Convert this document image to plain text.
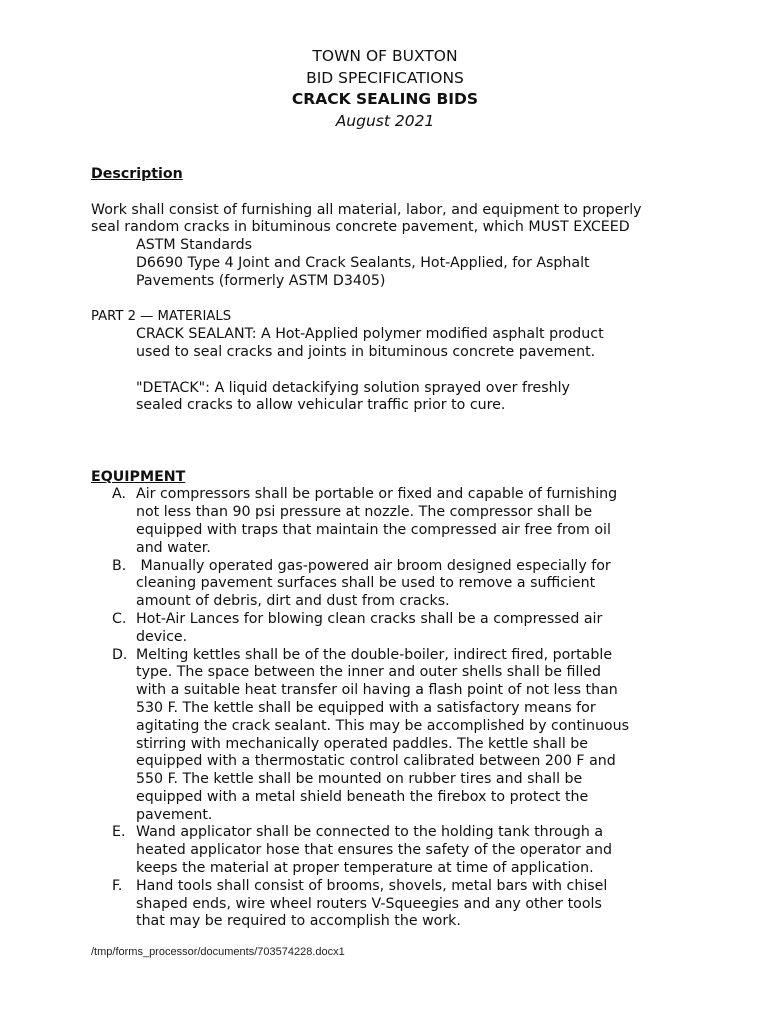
TOWN OF BUXTON
BID SPECIFICATIONS
CRACK SEALING BIDS
August 2021
Description
Work shall consist of furnishing all material, labor, and equipment to properly
seal random cracks in bituminous concrete pavement, which MUST EXCEED
ASTM Standards
D6690 Type 4 Joint and Crack Sealants, Hot-Applied, for Asphalt
Pavements (formerly ASTM D3405)
PART 2 — MATERIALS
CRACK SEALANT: A Hot-Applied polymer modified asphalt product
used to seal cracks and joints in bituminous concrete pavement.
"DETACK": A liquid detackifying solution sprayed over freshly
sealed cracks to allow vehicular traffic prior to cure.
EQUIPMENT
A. Air compressors shall be portable or fixed and capable of furnishing
not less than 90 psi pressure at nozzle. The compressor shall be
equipped with traps that maintain the compressed air free from oil
and water.
B. Manually operated gas-powered air broom designed especially for
cleaning pavement surfaces shall be used to remove a sufficient
amount of debris, dirt and dust from cracks.
C. Hot-Air Lances for blowing clean cracks shall be a compressed air
device.
D. Melting kettles shall be of the double-boiler, indirect fired, portable
type. The space between the inner and outer shells shall be filled
with a suitable heat transfer oil having a flash point of not less than
530 F. The kettle shall be equipped with a satisfactory means for
agitating the crack sealant. This may be accomplished by continuous
stirring with mechanically operated paddles. The kettle shall be
equipped with a thermostatic control calibrated between 200 F and
550 F. The kettle shall be mounted on rubber tires and shall be
equipped with a metal shield beneath the firebox to protect the
pavement.
E. Wand applicator shall be connected to the holding tank through a
heated applicator hose that ensures the safety of the operator and
keeps the material at proper temperature at time of application.
F. Hand tools shall consist of brooms, shovels, metal bars with chisel
shaped ends, wire wheel routers V-Squeegies and any other tools
that may be required to accomplish the work.
/tmp/forms_processor/documents/703574228.docx1
